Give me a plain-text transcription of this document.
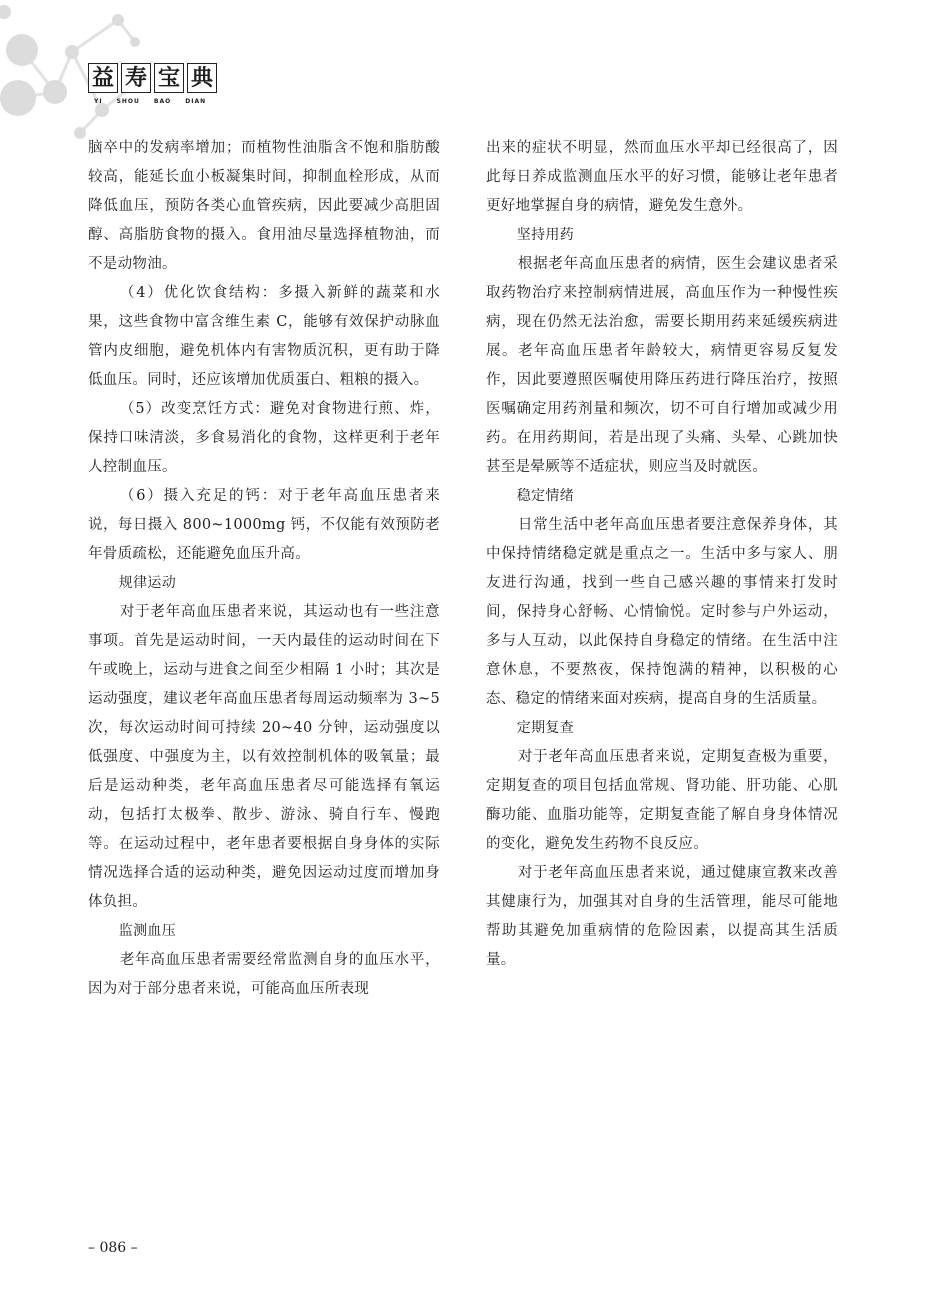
益 寿 宝 典
YI SHOU BAO DIAN

脑卒中的发病率增加；而植物性油脂含不饱和脂肪酸较高，能延长血小板凝集时间，抑制血栓形成，从而降低血压，预防各类心血管疾病，因此要减少高胆固醇、高脂肪食物的摄入。食用油尽量选择植物油，而不是动物油。

（4）优化饮食结构：多摄入新鲜的蔬菜和水果，这些食物中富含维生素 C，能够有效保护动脉血管内皮细胞，避免机体内有害物质沉积，更有助于降低血压。同时，还应该增加优质蛋白、粗粮的摄入。

（5）改变烹饪方式：避免对食物进行煎、炸，保持口味清淡，多食易消化的食物，这样更利于老年人控制血压。

（6）摄入充足的钙：对于老年高血压患者来说，每日摄入 800~1000mg 钙，不仅能有效预防老年骨质疏松，还能避免血压升高。

规律运动

对于老年高血压患者来说，其运动也有一些注意事项。首先是运动时间，一天内最佳的运动时间在下午或晚上，运动与进食之间至少相隔 1 小时；其次是运动强度，建议老年高血压患者每周运动频率为 3~5 次，每次运动时间可持续 20~40 分钟，运动强度以低强度、中强度为主，以有效控制机体的吸氧量；最后是运动种类，老年高血压患者尽可能选择有氧运动，包括打太极拳、散步、游泳、骑自行车、慢跑等。在运动过程中，老年患者要根据自身身体的实际情况选择合适的运动种类，避免因运动过度而增加身体负担。

监测血压

老年高血压患者需要经常监测自身的血压水平，因为对于部分患者来说，可能高血压所表现

出来的症状不明显，然而血压水平却已经很高了，因此每日养成监测血压水平的好习惯，能够让老年患者更好地掌握自身的病情，避免发生意外。

坚持用药

根据老年高血压患者的病情，医生会建议患者采取药物治疗来控制病情进展，高血压作为一种慢性疾病，现在仍然无法治愈，需要长期用药来延缓疾病进展。老年高血压患者年龄较大，病情更容易反复发作，因此要遵照医嘱使用降压药进行降压治疗，按照医嘱确定用药剂量和频次，切不可自行增加或减少用药。在用药期间，若是出现了头痛、头晕、心跳加快甚至是晕厥等不适症状，则应当及时就医。

稳定情绪

日常生活中老年高血压患者要注意保养身体，其中保持情绪稳定就是重点之一。生活中多与家人、朋友进行沟通，找到一些自己感兴趣的事情来打发时间，保持身心舒畅、心情愉悦。定时参与户外运动，多与人互动，以此保持自身稳定的情绪。在生活中注意休息，不要熬夜，保持饱满的精神，以积极的心态、稳定的情绪来面对疾病，提高自身的生活质量。

定期复查

对于老年高血压患者来说，定期复查极为重要，定期复查的项目包括血常规、肾功能、肝功能、心肌酶功能、血脂功能等，定期复查能了解自身身体情况的变化，避免发生药物不良反应。

对于老年高血压患者来说，通过健康宣教来改善其健康行为，加强其对自身的生活管理，能尽可能地帮助其避免加重病情的危险因素，以提高其生活质量。

– 086 –
